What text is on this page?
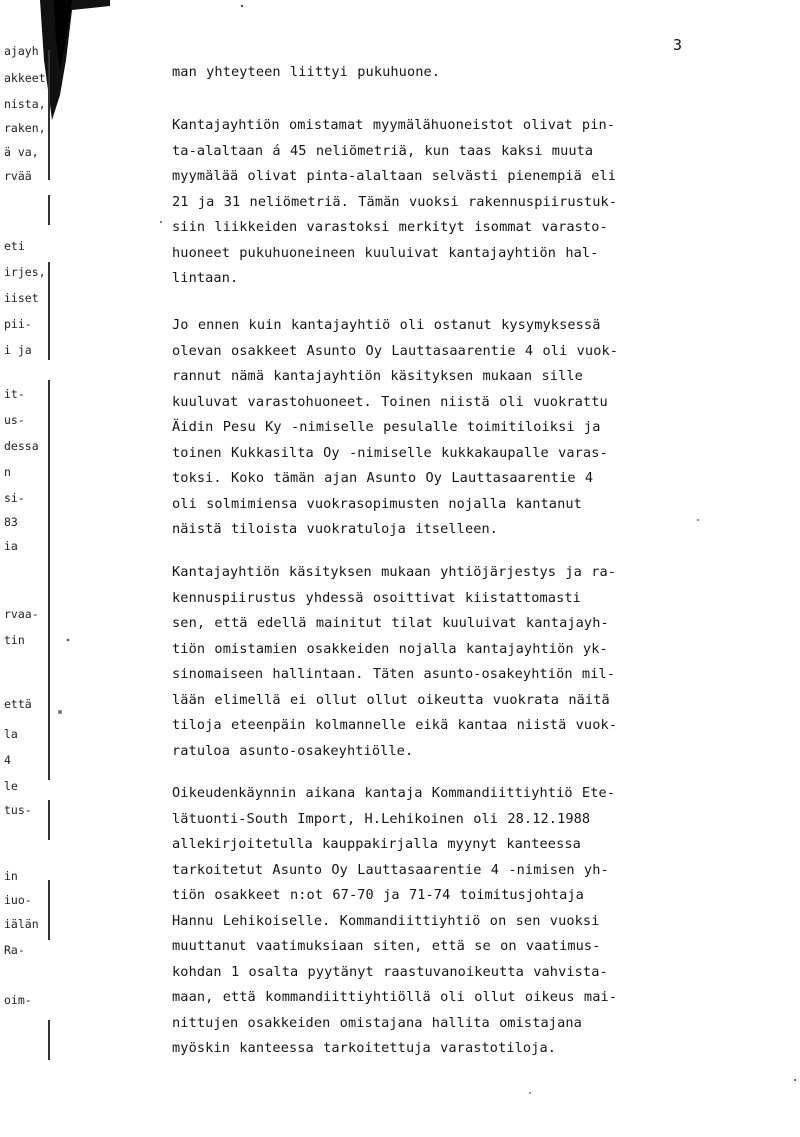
ajayh
akkeet
nista,
raken,
ä va,
rvää
eti
irjes,
iiset
pii-
i ja
it-
us-
dessa
n
si-
83
ia
rvaa-
tin
että
la
4
le
tus-
in
iuo-
iälän
Ra-
oim-
3
man yhteyteen liittyi pukuhuone.
Kantajayhtiön omistamat myymälähuoneistot olivat pin-
ta-alaltaan á 45 neliömetriä, kun taas kaksi muuta
myymälää olivat pinta-alaltaan selvästi pienempiä eli
21 ja 31 neliömetriä. Tämän vuoksi rakennuspiirustuk-
siin liikkeiden varastoksi merkityt isommat varasto-
huoneet pukuhuoneineen kuuluivat kantajayhtiön hal-
lintaan.
Jo ennen kuin kantajayhtiö oli ostanut kysymyksessä
olevan osakkeet Asunto Oy Lauttasaarentie 4 oli vuok-
rannut nämä kantajayhtiön käsityksen mukaan sille
kuuluvat varastohuoneet. Toinen niistä oli vuokrattu
Äidin Pesu Ky -nimiselle pesulalle toimitiloiksi ja
toinen Kukkasilta Oy -nimiselle kukkakaupalle varas-
toksi. Koko tämän ajan Asunto Oy Lauttasaarentie 4
oli solmimiensa vuokrasopimusten nojalla kantanut
näistä tiloista vuokratuloja itselleen.
Kantajayhtiön käsityksen mukaan yhtiöjärjestys ja ra-
kennuspiirustus yhdessä osoittivat kiistattomasti
sen, että edellä mainitut tilat kuuluivat kantajayh-
tiön omistamien osakkeiden nojalla kantajayhtiön yk-
sinomaiseen hallintaan. Täten asunto-osakeyhtiön mil-
lään elimellä ei ollut ollut oikeutta vuokrata näitä
tiloja eteenpäin kolmannelle eikä kantaa niistä vuok-
ratuloa asunto-osakeyhtiölle.
Oikeudenkäynnin aikana kantaja Kommandiittiyhtiö Ete-
lätuonti-South Import, H.Lehikoinen oli 28.12.1988
allekirjoitetulla kauppakirjalla myynyt kanteessa
tarkoitetut Asunto Oy Lauttasaarentie 4 -nimisen yh-
tiön osakkeet n:ot 67-70 ja 71-74 toimitusjohtaja
Hannu Lehikoiselle. Kommandiittiyhtiö on sen vuoksi
muuttanut vaatimuksiaan siten, että se on vaatimus-
kohdan 1 osalta pyytänyt raastuvanoikeutta vahvista-
maan, että kommandiittiyhtiöllä oli ollut oikeus mai-
nittujen osakkeiden omistajana hallita omistajana
myöskin kanteessa tarkoitettuja varastotiloja.
